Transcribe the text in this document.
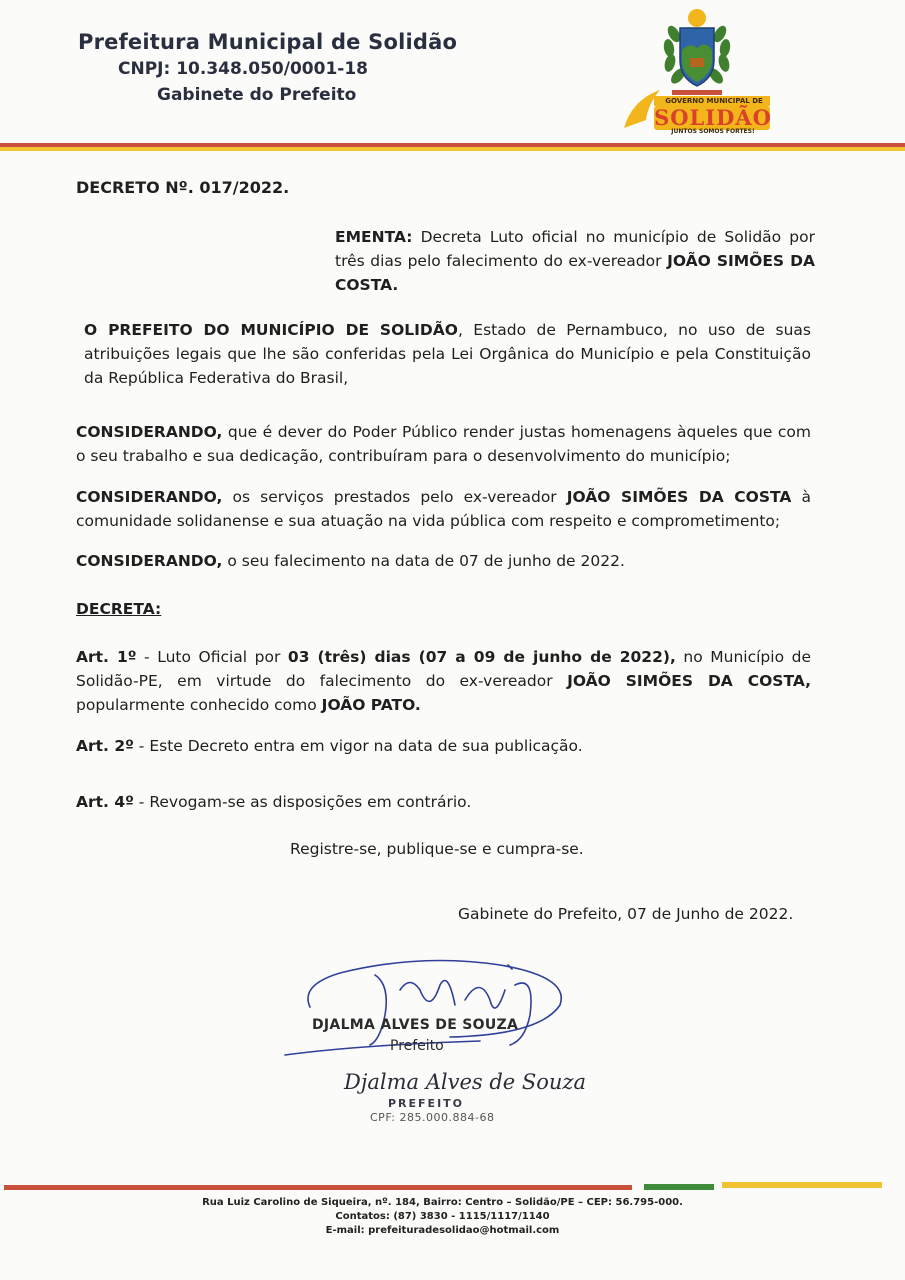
Prefeitura Municipal de Solidão
CNPJ: 10.348.050/0001-18
Gabinete do Prefeito	GOVERNO MUNICIPAL DE
SOLIDÃO
JUNTOS SOMOS FORTES!
DECRETO Nº. 017/2022.
EMENTA: Decreta Luto oficial no município de Solidão por três dias pelo falecimento do ex-vereador JOÃO SIMÕES DA COSTA.
O PREFEITO DO MUNICÍPIO DE SOLIDÃO, Estado de Pernambuco, no uso de suas atribuições legais que lhe são conferidas pela Lei Orgânica do Município e pela Constituição da República Federativa do Brasil,
CONSIDERANDO, que é dever do Poder Público render justas homenagens àqueles que com o seu trabalho e sua dedicação, contribuíram para o desenvolvimento do município;
CONSIDERANDO, os serviços prestados pelo ex-vereador JOÃO SIMÕES DA COSTA à comunidade solidanense e sua atuação na vida pública com respeito e comprometimento;
CONSIDERANDO, o seu falecimento na data de 07 de junho de 2022.
DECRETA:
Art. 1º - Luto Oficial por 03 (três) dias (07 a 09 de junho de 2022), no Município de Solidão-PE, em virtude do falecimento do ex-vereador JOÃO SIMÕES DA COSTA, popularmente conhecido como JOÃO PATO.
Art. 2º - Este Decreto entra em vigor na data de sua publicação.
Art. 4º - Revogam-se as disposições em contrário.
Registre-se, publique-se e cumpra-se.
Gabinete do Prefeito, 07 de Junho de 2022.
DJALMA ALVES DE SOUZA
Prefeito
Djalma Alves de Souza
PREFEITO
CPF: 285.000.884-68
Rua Luiz Carolino de Siqueira, nº. 184, Bairro: Centro – Solidão/PE – CEP: 56.795-000.
Contatos: (87) 3830 - 1115/1117/1140
E-mail: prefeituradesolidao@hotmail.com
